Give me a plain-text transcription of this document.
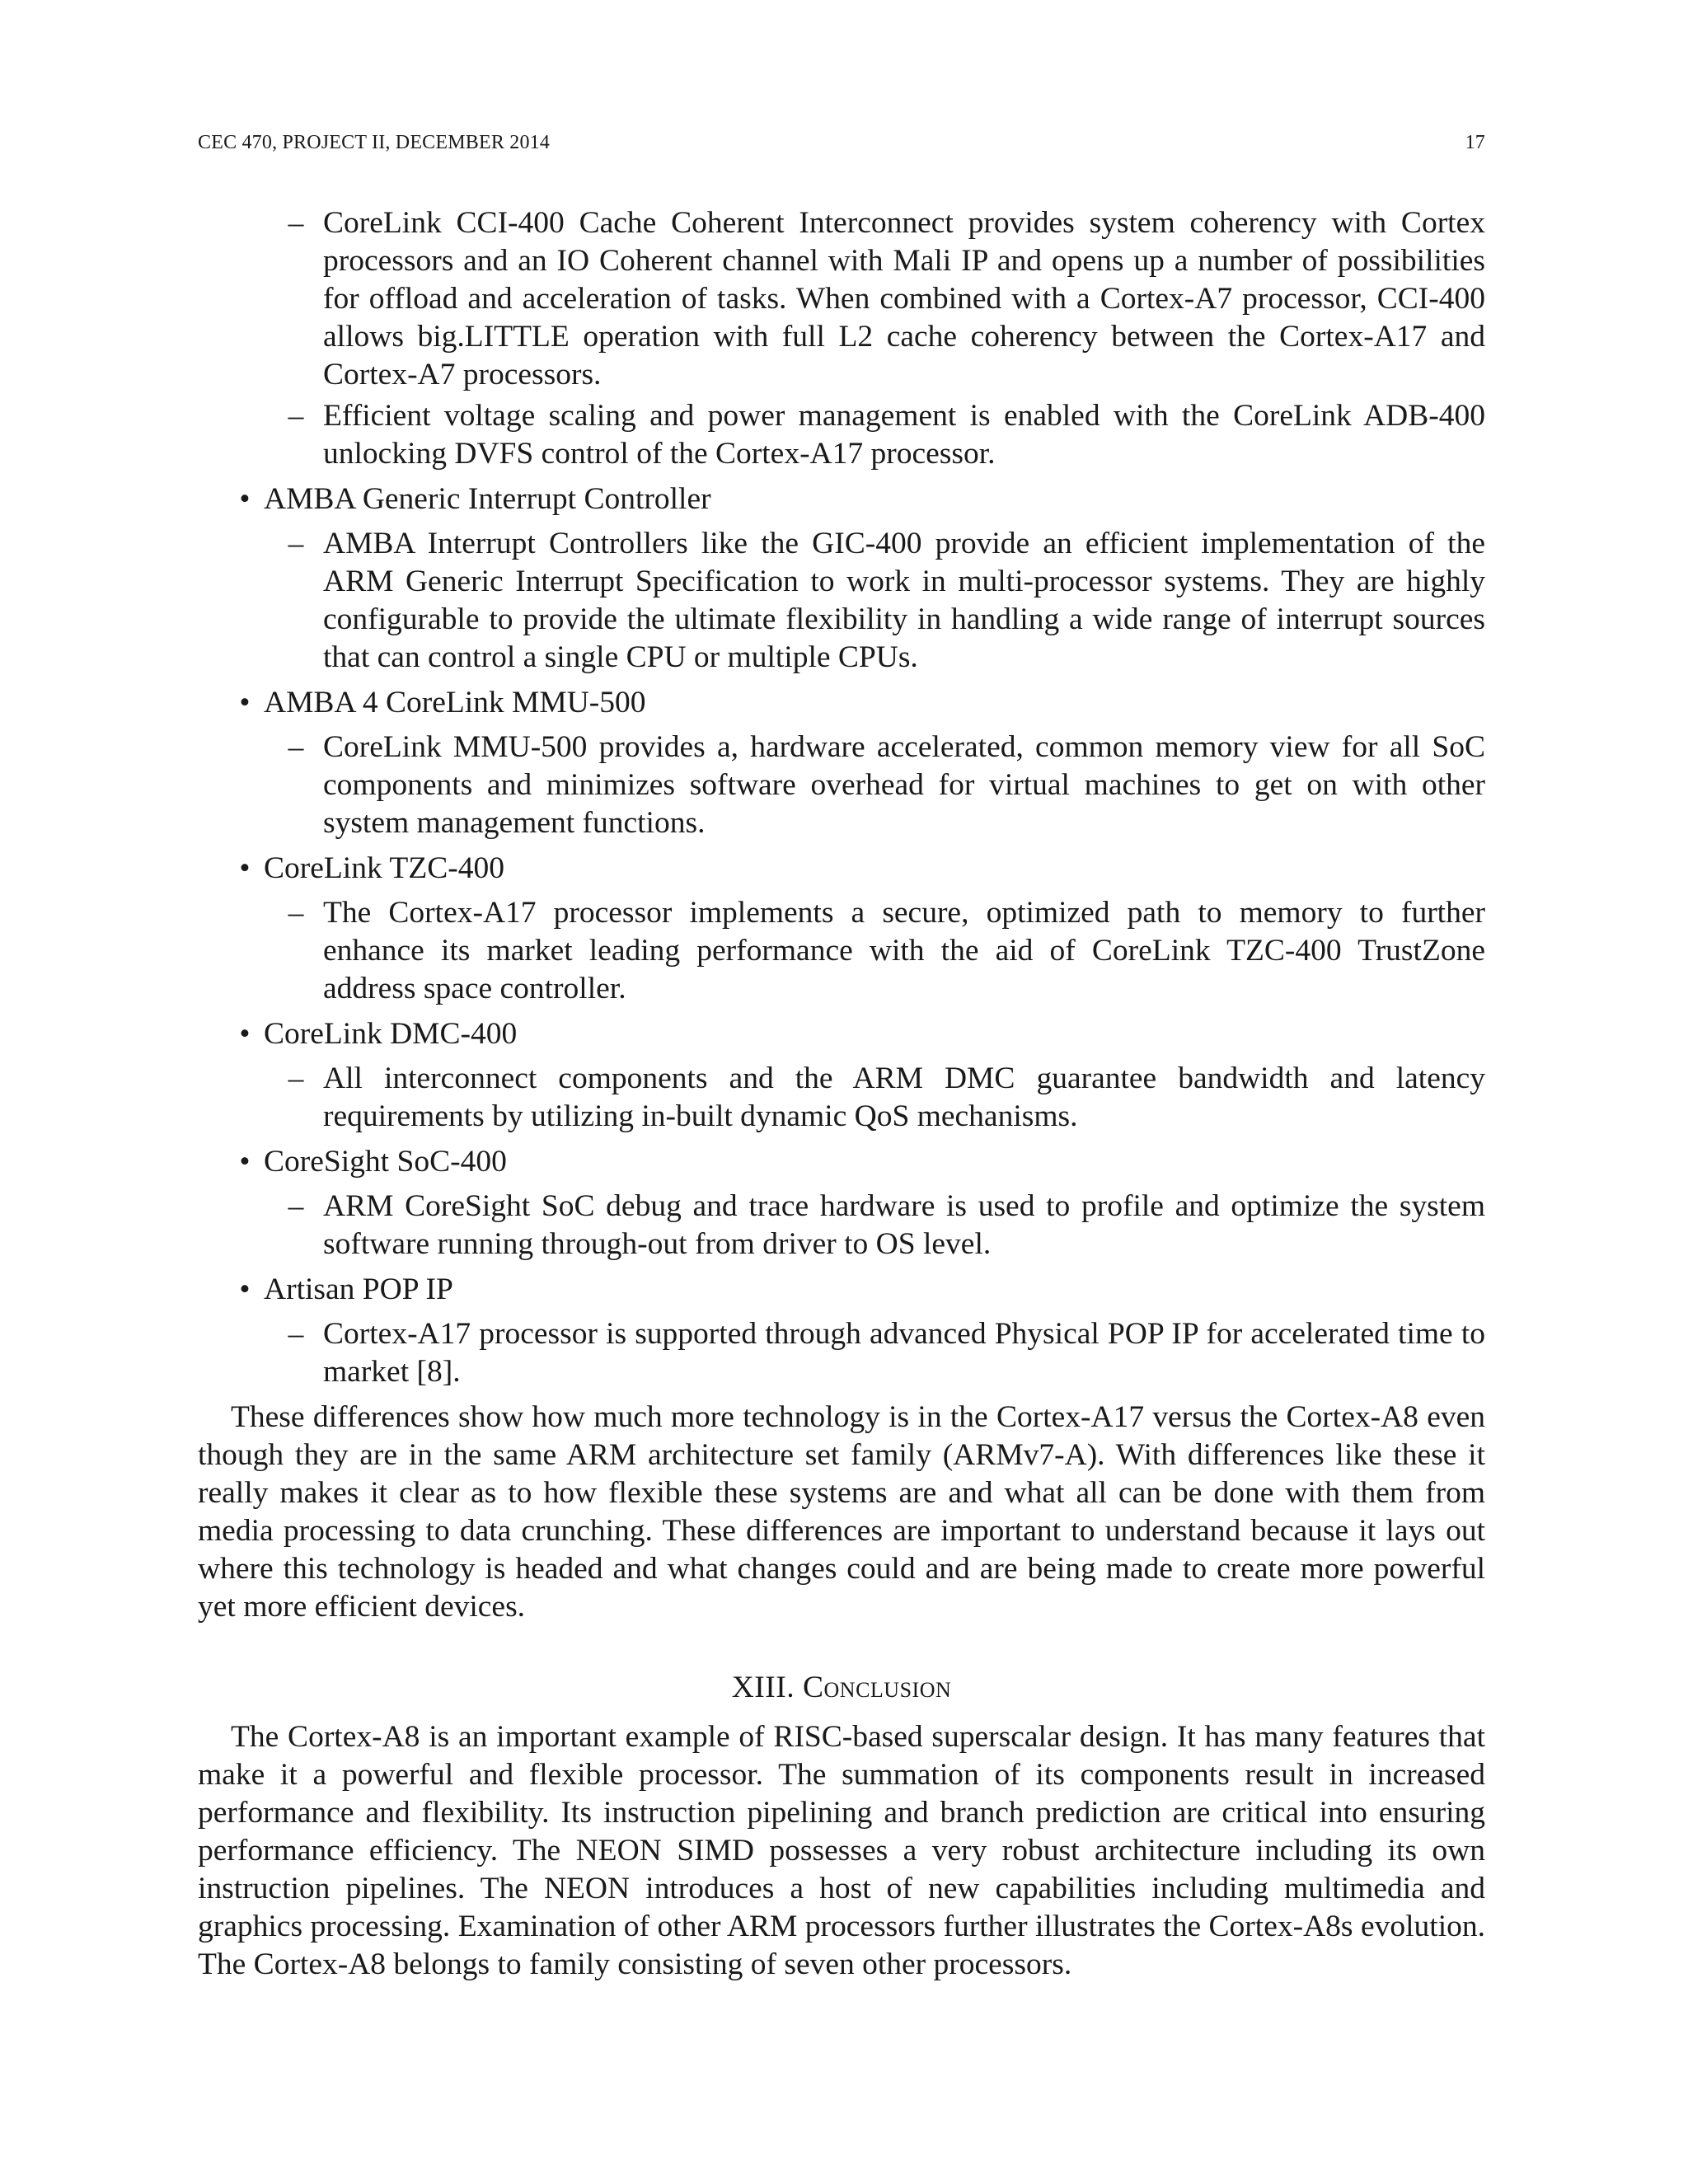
CEC 470, PROJECT II, DECEMBER 2014	17
– CoreLink CCI-400 Cache Coherent Interconnect provides system coherency with Cortex processors and an IO Coherent channel with Mali IP and opens up a number of possibilities for offload and acceleration of tasks. When combined with a Cortex-A7 processor, CCI-400 allows big.LITTLE operation with full L2 cache coherency between the Cortex-A17 and Cortex-A7 processors.
– Efficient voltage scaling and power management is enabled with the CoreLink ADB-400 unlocking DVFS control of the Cortex-A17 processor.
• AMBA Generic Interrupt Controller
– AMBA Interrupt Controllers like the GIC-400 provide an efficient implementation of the ARM Generic Interrupt Specification to work in multi-processor systems. They are highly configurable to provide the ultimate flexibility in handling a wide range of interrupt sources that can control a single CPU or multiple CPUs.
• AMBA 4 CoreLink MMU-500
– CoreLink MMU-500 provides a, hardware accelerated, common memory view for all SoC components and minimizes software overhead for virtual machines to get on with other system management functions.
• CoreLink TZC-400
– The Cortex-A17 processor implements a secure, optimized path to memory to further enhance its market leading performance with the aid of CoreLink TZC-400 TrustZone address space controller.
• CoreLink DMC-400
– All interconnect components and the ARM DMC guarantee bandwidth and latency requirements by utilizing in-built dynamic QoS mechanisms.
• CoreSight SoC-400
– ARM CoreSight SoC debug and trace hardware is used to profile and optimize the system software running through-out from driver to OS level.
• Artisan POP IP
– Cortex-A17 processor is supported through advanced Physical POP IP for accelerated time to market [8].

These differences show how much more technology is in the Cortex-A17 versus the Cortex-A8 even though they are in the same ARM architecture set family (ARMv7-A). With differences like these it really makes it clear as to how flexible these systems are and what all can be done with them from media processing to data crunching. These differences are important to understand because it lays out where this technology is headed and what changes could and are being made to create more powerful yet more efficient devices.

XIII. Conclusion

The Cortex-A8 is an important example of RISC-based superscalar design. It has many features that make it a powerful and flexible processor. The summation of its components result in increased performance and flexibility. Its instruction pipelining and branch prediction are critical into ensuring performance efficiency. The NEON SIMD possesses a very robust architecture including its own instruction pipelines. The NEON introduces a host of new capabilities including multimedia and graphics processing. Examination of other ARM processors further illustrates the Cortex-A8s evolution. The Cortex-A8 belongs to family consisting of seven other processors.
